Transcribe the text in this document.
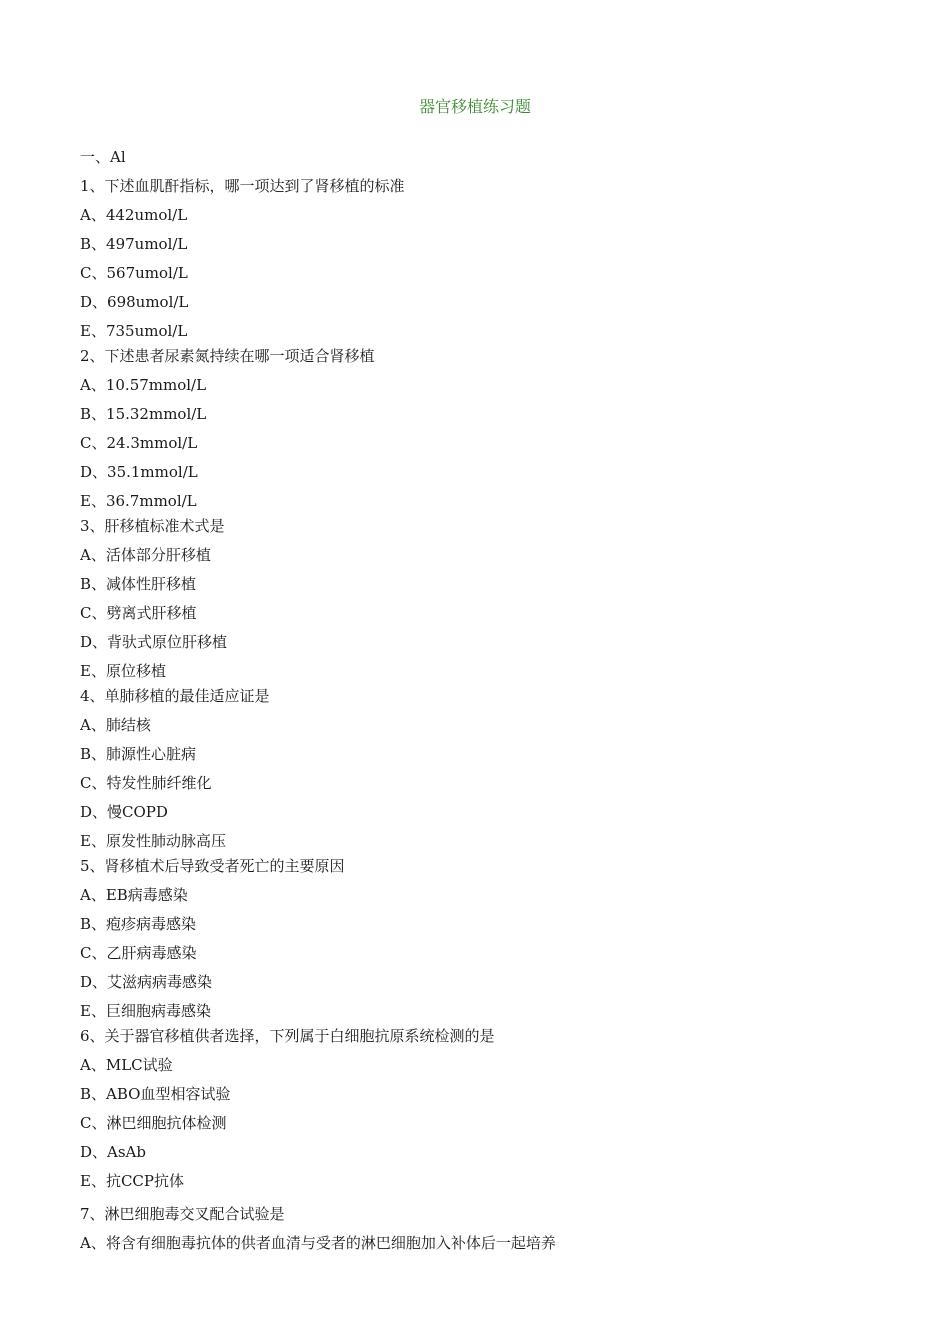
器官移植练习题
一、Al
1、下述血肌酐指标，哪一项达到了肾移植的标准
A、442umol/L
B、497umol/L
C、567umol/L
D、698umol/L
E、735umol/L
2、下述患者尿素氮持续在哪一项适合肾移植
A、10.57mmol/L
B、15.32mmol/L
C、24.3mmol/L
D、35.1mmol/L
E、36.7mmol/L
3、肝移植标准术式是
A、活体部分肝移植
B、减体性肝移植
C、劈离式肝移植
D、背驮式原位肝移植
E、原位移植
4、单肺移植的最佳适应证是
A、肺结核
B、肺源性心脏病
C、特发性肺纤维化
D、慢COPD
E、原发性肺动脉高压
5、肾移植术后导致受者死亡的主要原因
A、EB病毒感染
B、疱疹病毒感染
C、乙肝病毒感染
D、艾滋病病毒感染
E、巨细胞病毒感染
6、关于器官移植供者选择，下列属于白细胞抗原系统检测的是
A、MLC试验
B、ABO血型相容试验
C、淋巴细胞抗体检测
D、AsAb
E、抗CCP抗体
7、淋巴细胞毒交叉配合试验是
A、将含有细胞毒抗体的供者血清与受者的淋巴细胞加入补体后一起培养
